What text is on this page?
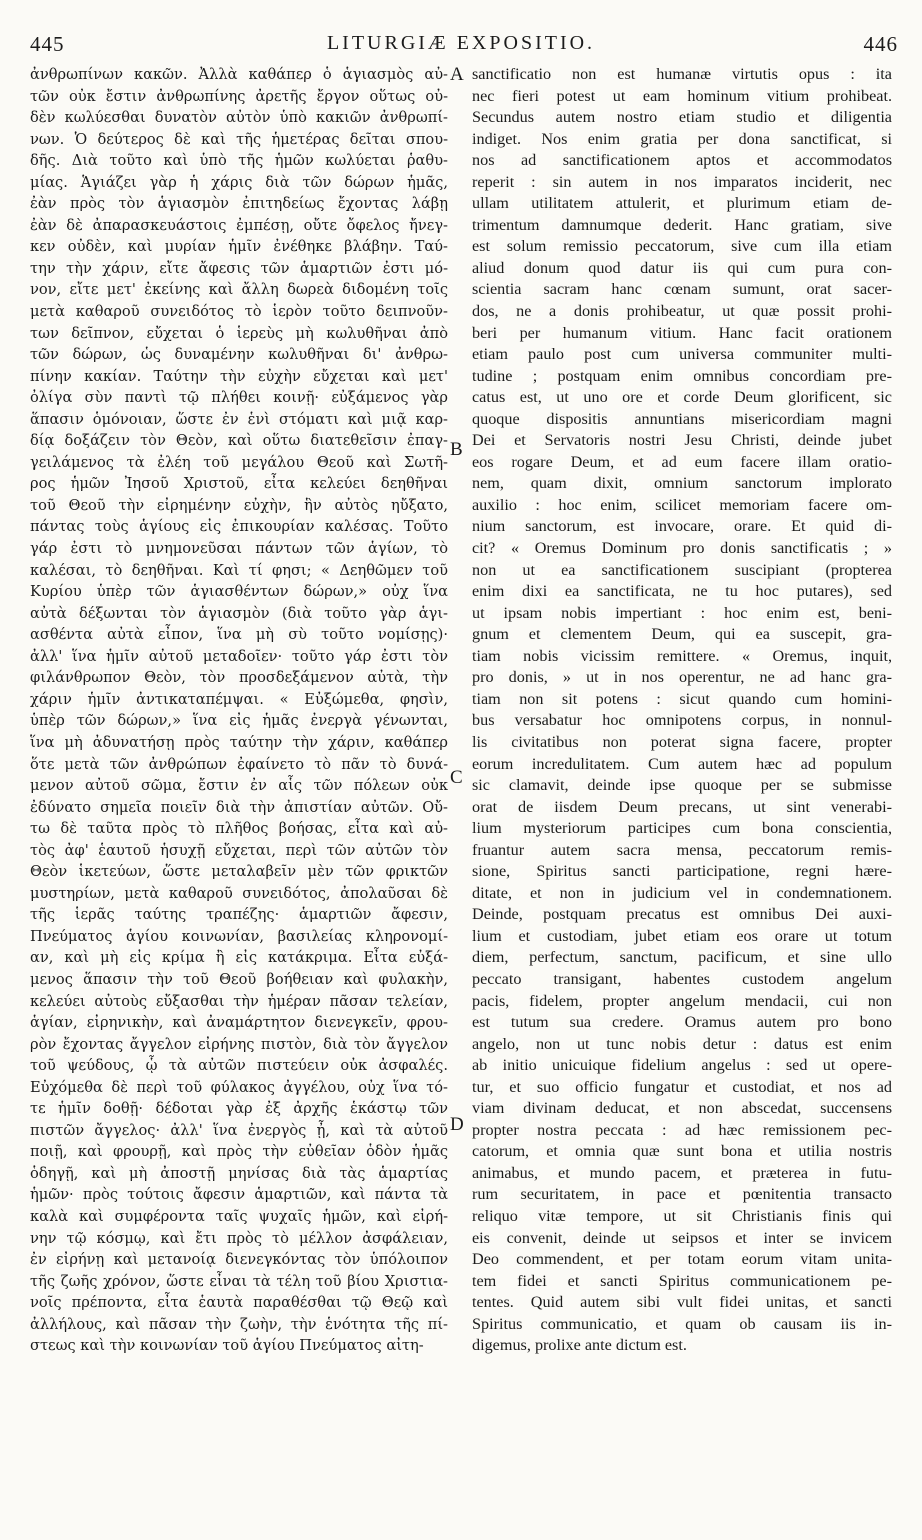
445	LITURGIÆ EXPOSITIO.	446
ἀνθρωπίνων κακῶν. Ἀλλὰ καθάπερ ὁ ἁγιασμὸς αὐ-
τῶν οὐκ ἔστιν ἀνθρωπίνης ἀρετῆς ἔργον οὕτως οὐ-
δὲν κωλύεσθαι δυνατὸν αὐτὸν ὑπὸ κακιῶν ἀνθρωπί-
νων. Ὁ δεύτερος δὲ καὶ τῆς ἡμετέρας δεῖται σπου-
δῆς. Διὰ τοῦτο καὶ ὑπὸ τῆς ἡμῶν κωλύεται ῥαθυ-
μίας. Ἁγιάζει γὰρ ἡ χάρις διὰ τῶν δώρων ἡμᾶς,
ἐὰν πρὸς τὸν ἁγιασμὸν ἐπιτηδείως ἔχοντας λάβῃ
ἐὰν δὲ ἀπαρασκευάστοις ἐμπέσῃ, οὔτε ὄφελος ἤνεγ-
κεν οὐδὲν, καὶ μυρίαν ἡμῖν ἐνέθηκε βλάβην. Ταύ-
την τὴν χάριν, εἴτε ἄφεσις τῶν ἁμαρτιῶν ἐστι μό-
νον, εἴτε μετ' ἐκείνης καὶ ἄλλη δωρεὰ διδομένη τοῖς
μετὰ καθαροῦ συνειδότος τὸ ἱερὸν τοῦτο δειπνοῦν-
των δεῖπνον, εὔχεται ὁ ἱερεὺς μὴ κωλυθῆναι ἀπὸ
τῶν δώρων, ὡς δυναμένην κωλυθῆναι δι' ἀνθρω-
πίνην κακίαν. Ταύτην τὴν εὐχὴν εὔχεται καὶ μετ'
ὀλίγα σὺν παντὶ τῷ πλήθει κοινῇ· εὐξάμενος γὰρ
ἅπασιν ὁμόνοιαν, ὥστε ἐν ἑνὶ στόματι καὶ μιᾷ καρ-
δίᾳ δοξάζειν τὸν Θεὸν, καὶ οὕτω διατεθεῖσιν ἐπαγ-
γειλάμενος τὰ ἐλέη τοῦ μεγάλου Θεοῦ καὶ Σωτῆ-
ρος ἡμῶν Ἰησοῦ Χριστοῦ, εἶτα κελεύει δεηθῆναι
τοῦ Θεοῦ τὴν εἰρημένην εὐχὴν, ἣν αὐτὸς ηὔξατο,
πάντας τοὺς ἁγίους εἰς ἐπικουρίαν καλέσας. Τοῦτο
γάρ ἐστι τὸ μνημονεῦσαι πάντων τῶν ἁγίων, τὸ
καλέσαι, τὸ δεηθῆναι. Καὶ τί φησι; « Δεηθῶμεν τοῦ
Κυρίου ὑπὲρ τῶν ἁγιασθέντων δώρων,» οὐχ ἵνα
αὐτὰ δέξωνται τὸν ἁγιασμὸν (διὰ τοῦτο γὰρ ἁγι-
ασθέντα αὐτὰ εἶπον, ἵνα μὴ σὺ τοῦτο νομίσῃς)·
ἀλλ' ἵνα ἡμῖν αὐτοῦ μεταδοῖεν· τοῦτο γάρ ἐστι τὸν
φιλάνθρωπον Θεὸν, τὸν προσδεξάμενον αὐτὰ, τὴν
χάριν ἡμῖν ἀντικαταπέμψαι. « Εὐξώμεθα, φησὶν,
ὑπὲρ τῶν δώρων,» ἵνα εἰς ἡμᾶς ἐνεργὰ γένωνται,
ἵνα μὴ ἀδυνατήσῃ πρὸς ταύτην τὴν χάριν, καθάπερ
ὅτε μετὰ τῶν ἀνθρώπων ἐφαίνετο τὸ πᾶν τὸ δυνά-
μενον αὐτοῦ σῶμα, ἔστιν ἐν αἷς τῶν πόλεων οὐκ
ἐδύνατο σημεῖα ποιεῖν διὰ τὴν ἀπιστίαν αὐτῶν. Οὔ-
τω δὲ ταῦτα πρὸς τὸ πλῆθος βοήσας, εἶτα καὶ αὐ-
τὸς ἀφ' ἑαυτοῦ ἡσυχῇ εὔχεται, περὶ τῶν αὐτῶν τὸν
Θεὸν ἱκετεύων, ὥστε μεταλαβεῖν μὲν τῶν φρικτῶν
μυστηρίων, μετὰ καθαροῦ συνειδότος, ἀπολαῦσαι δὲ
τῆς ἱερᾶς ταύτης τραπέζης· ἁμαρτιῶν ἄφεσιν,
Πνεύματος ἁγίου κοινωνίαν, βασιλείας κληρονομί-
αν, καὶ μὴ εἰς κρίμα ἢ εἰς κατάκριμα. Εἶτα εὐξά-
μενος ἅπασιν τὴν τοῦ Θεοῦ βοήθειαν καὶ φυλακὴν,
κελεύει αὐτοὺς εὔξασθαι τὴν ἡμέραν πᾶσαν τελείαν,
ἁγίαν, εἰρηνικὴν, καὶ ἀναμάρτητον διενεγκεῖν, φρου-
ρὸν ἔχοντας ἄγγελον εἰρήνης πιστὸν, διὰ τὸν ἄγγελον
τοῦ ψεύδους, ᾧ τὰ αὐτῶν πιστεύειν οὐκ ἀσφαλές.
Εὐχόμεθα δὲ περὶ τοῦ φύλακος ἀγγέλου, οὐχ ἵνα τό-
τε ἡμῖν δοθῇ· δέδοται γὰρ ἐξ ἀρχῆς ἑκάστῳ τῶν
πιστῶν ἄγγελος· ἀλλ' ἵνα ἐνεργὸς ᾖ, καὶ τὰ αὐτοῦ
ποιῇ, καὶ φρουρῇ, καὶ πρὸς τὴν εὐθεῖαν ὁδὸν ἡμᾶς
ὁδηγῇ, καὶ μὴ ἀποστῇ μηνίσας διὰ τὰς ἁμαρτίας
ἡμῶν· πρὸς τούτοις ἄφεσιν ἁμαρτιῶν, καὶ πάντα τὰ
καλὰ καὶ συμφέροντα ταῖς ψυχαῖς ἡμῶν, καὶ εἰρή-
νην τῷ κόσμῳ, καὶ ἔτι πρὸς τὸ μέλλον ἀσφάλειαν,
ἐν εἰρήνῃ καὶ μετανοίᾳ διενεγκόντας τὸν ὑπόλοιπον
τῆς ζωῆς χρόνον, ὥστε εἶναι τὰ τέλη τοῦ βίου Χριστια-
νοῖς πρέποντα, εἶτα ἑαυτὰ παραθέσθαι τῷ Θεῷ καὶ
ἀλλήλους, καὶ πᾶσαν τὴν ζωὴν, τὴν ἑνότητα τῆς πί-
στεως καὶ τὴν κοινωνίαν τοῦ ἁγίου Πνεύματος αἰτη-
sanctificatio non est humanæ virtutis opus : ita
nec fieri potest ut eam hominum vitium prohibeat.
Secundus autem nostro etiam studio et diligentia
indiget. Nos enim gratia per dona sanctificat, si
nos ad sanctificationem aptos et accommodatos
reperit : sin autem in nos imparatos inciderit, nec
ullam utilitatem attulerit, et plurimum etiam de-
trimentum damnumque dederit. Hanc gratiam, sive
est solum remissio peccatorum, sive cum illa etiam
aliud donum quod datur iis qui cum pura con-
scientia sacram hanc cœnam sumunt, orat sacer-
dos, ne a donis prohibeatur, ut quæ possit prohi-
beri per humanum vitium. Hanc facit orationem
etiam paulo post cum universa communiter multi-
tudine ; postquam enim omnibus concordiam pre-
catus est, ut uno ore et corde Deum glorificent, sic
quoque dispositis annuntians misericordiam magni
Dei et Servatoris nostri Jesu Christi, deinde jubet
eos rogare Deum, et ad eum facere illam oratio-
nem, quam dixit, omnium sanctorum implorato
auxilio : hoc enim, scilicet memoriam facere om-
nium sanctorum, est invocare, orare. Et quid di-
cit? « Oremus Dominum pro donis sanctificatis ; »
non ut ea sanctificationem suscipiant (propterea
enim dixi ea sanctificata, ne tu hoc putares), sed
ut ipsam nobis impertiant : hoc enim est, beni-
gnum et clementem Deum, qui ea suscepit, gra-
tiam nobis vicissim remittere. « Oremus, inquit,
pro donis, » ut in nos operentur, ne ad hanc gra-
tiam non sit potens : sicut quando cum homini-
bus versabatur hoc omnipotens corpus, in nonnul-
lis civitatibus non poterat signa facere, propter
eorum incredulitatem. Cum autem hæc ad populum
sic clamavit, deinde ipse quoque per se submisse
orat de iisdem Deum precans, ut sint venerabi-
lium mysteriorum participes cum bona conscientia,
fruantur autem sacra mensa, peccatorum remis-
sione, Spiritus sancti participatione, regni hære-
ditate, et non in judicium vel in condemnationem.
Deinde, postquam precatus est omnibus Dei auxi-
lium et custodiam, jubet etiam eos orare ut totum
diem, perfectum, sanctum, pacificum, et sine ullo
peccato transigant, habentes custodem angelum
pacis, fidelem, propter angelum mendacii, cui non
est tutum sua credere. Oramus autem pro bono
angelo, non ut tunc nobis detur : datus est enim
ab initio unicuique fidelium angelus : sed ut opere-
tur, et suo officio fungatur et custodiat, et nos ad
viam divinam deducat, et non abscedat, succensens
propter nostra peccata : ad hæc remissionem pec-
catorum, et omnia quæ sunt bona et utilia nostris
animabus, et mundo pacem, et præterea in futu-
rum securitatem, in pace et pœnitentia transacto
reliquo vitæ tempore, ut sit Christianis finis qui
eis convenit, deinde ut seipsos et inter se invicem
Deo commendent, et per totam eorum vitam unita-
tem fidei et sancti Spiritus communicationem pe-
tentes. Quid autem sibi vult fidei unitas, et sancti
Spiritus communicatio, et quam ob causam iis in-
digemus, prolixe ante dictum est.
A
B
C
D
